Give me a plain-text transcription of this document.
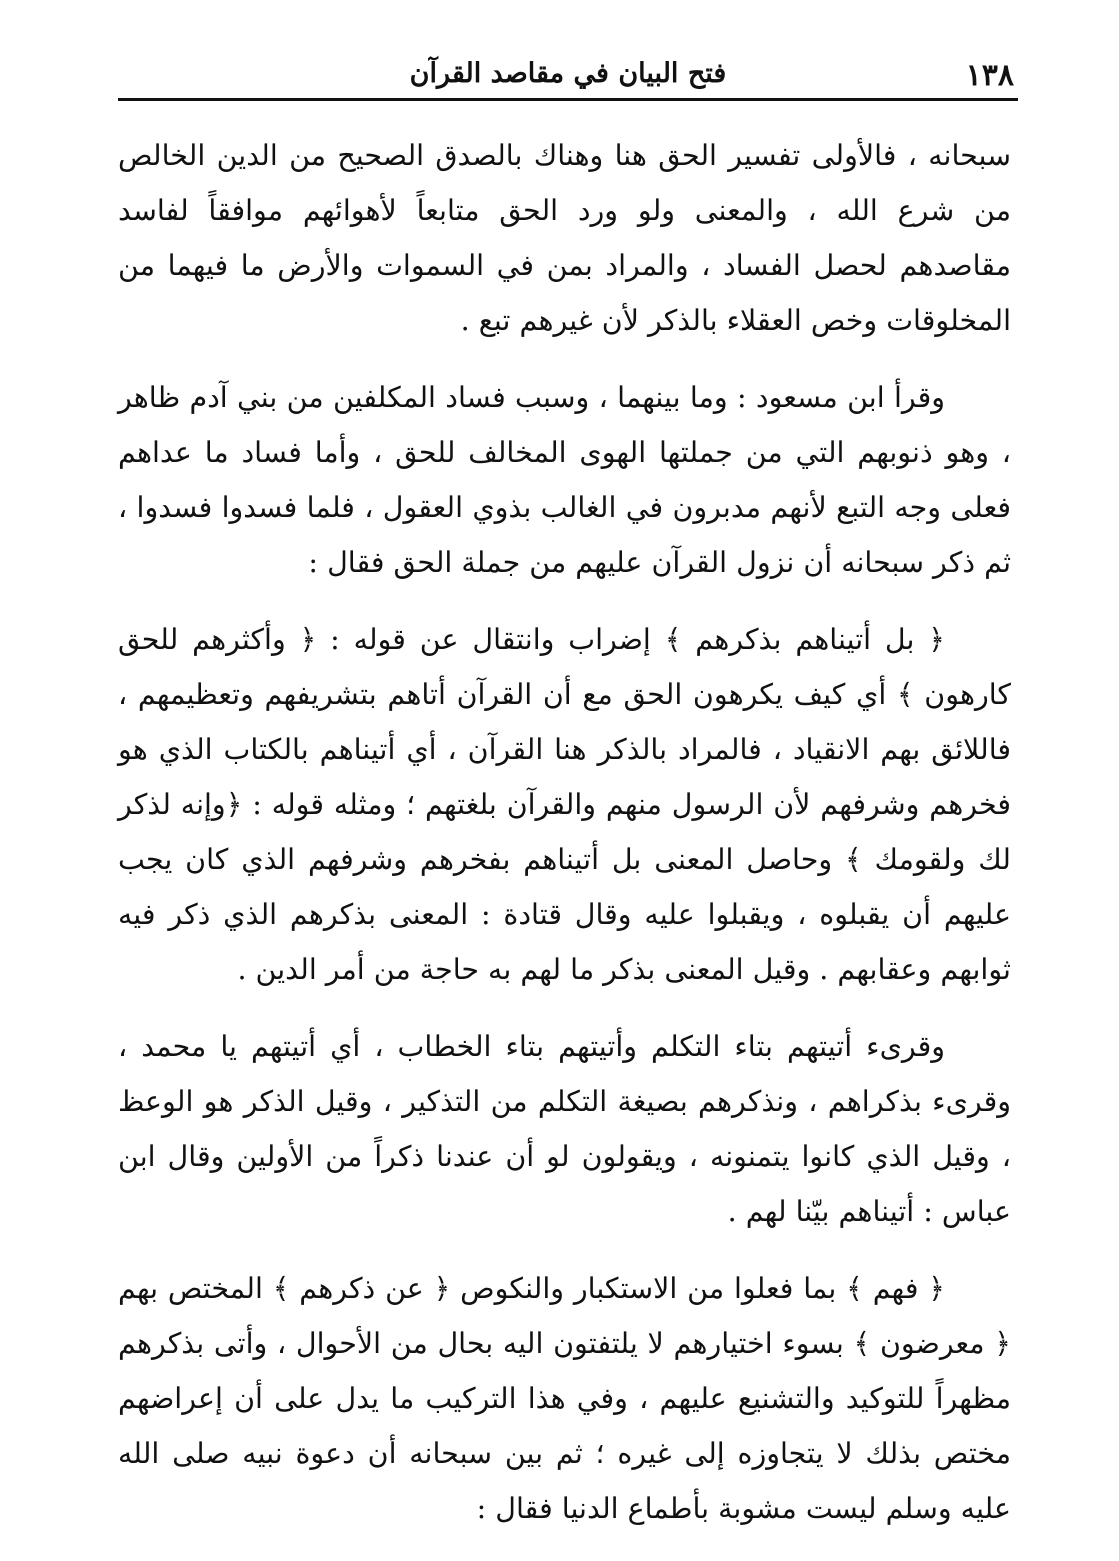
١٣٨
فتح البيان في مقاصد القرآن

سبحانه ، فالأولى تفسير الحق هنا وهناك بالصدق الصحيح من الدين الخالص من شرع الله ، والمعنى ولو ورد الحق متابعاً لأهوائهم موافقاً لفاسد مقاصدهم لحصل الفساد ، والمراد بمن في السموات والأرض ما فيهما من المخلوقات وخص العقلاء بالذكر لأن غيرهم تبع .

وقرأ ابن مسعود : وما بينهما ، وسبب فساد المكلفين من بني آدم ظاهر ، وهو ذنوبهم التي من جملتها الهوى المخالف للحق ، وأما فساد ما عداهم فعلى وجه التبع لأنهم مدبرون في الغالب بذوي العقول ، فلما فسدوا فسدوا ، ثم ذكر سبحانه أن نزول القرآن عليهم من جملة الحق فقال :

﴿ بل أتيناهم بذكرهم ﴾ إضراب وانتقال عن قوله : ﴿ وأكثرهم للحق كارهون ﴾ أي كيف يكرهون الحق مع أن القرآن أتاهم بتشريفهم وتعظيمهم ، فاللائق بهم الانقياد ، فالمراد بالذكر هنا القرآن ، أي أتيناهم بالكتاب الذي هو فخرهم وشرفهم لأن الرسول منهم والقرآن بلغتهم ؛ ومثله قوله : ﴿وإنه لذكر لك ولقومك ﴾ وحاصل المعنى بل أتيناهم بفخرهم وشرفهم الذي كان يجب عليهم أن يقبلوه ، ويقبلوا عليه وقال قتادة : المعنى بذكرهم الذي ذكر فيه ثوابهم وعقابهم . وقيل المعنى بذكر ما لهم به حاجة من أمر الدين .

وقرىء أتيتهم بتاء التكلم وأتيتهم بتاء الخطاب ، أي أتيتهم يا محمد ، وقرىء بذكراهم ، ونذكرهم بصيغة التكلم من التذكير ، وقيل الذكر هو الوعظ ، وقيل الذي كانوا يتمنونه ، ويقولون لو أن عندنا ذكراً من الأولين وقال ابن عباس : أتيناهم بيّنا لهم .

﴿ فهم ﴾ بما فعلوا من الاستكبار والنكوص ﴿ عن ذكرهم ﴾ المختص بهم ﴿ معرضون ﴾ بسوء اختيارهم لا يلتفتون اليه بحال من الأحوال ، وأتى بذكرهم مظهراً للتوكيد والتشنيع عليهم ، وفي هذا التركيب ما يدل على أن إعراضهم مختص بذلك لا يتجاوزه إلى غيره ؛ ثم بين سبحانه أن دعوة نبيه صلى الله عليه وسلم ليست مشوبة بأطماع الدنيا فقال :
